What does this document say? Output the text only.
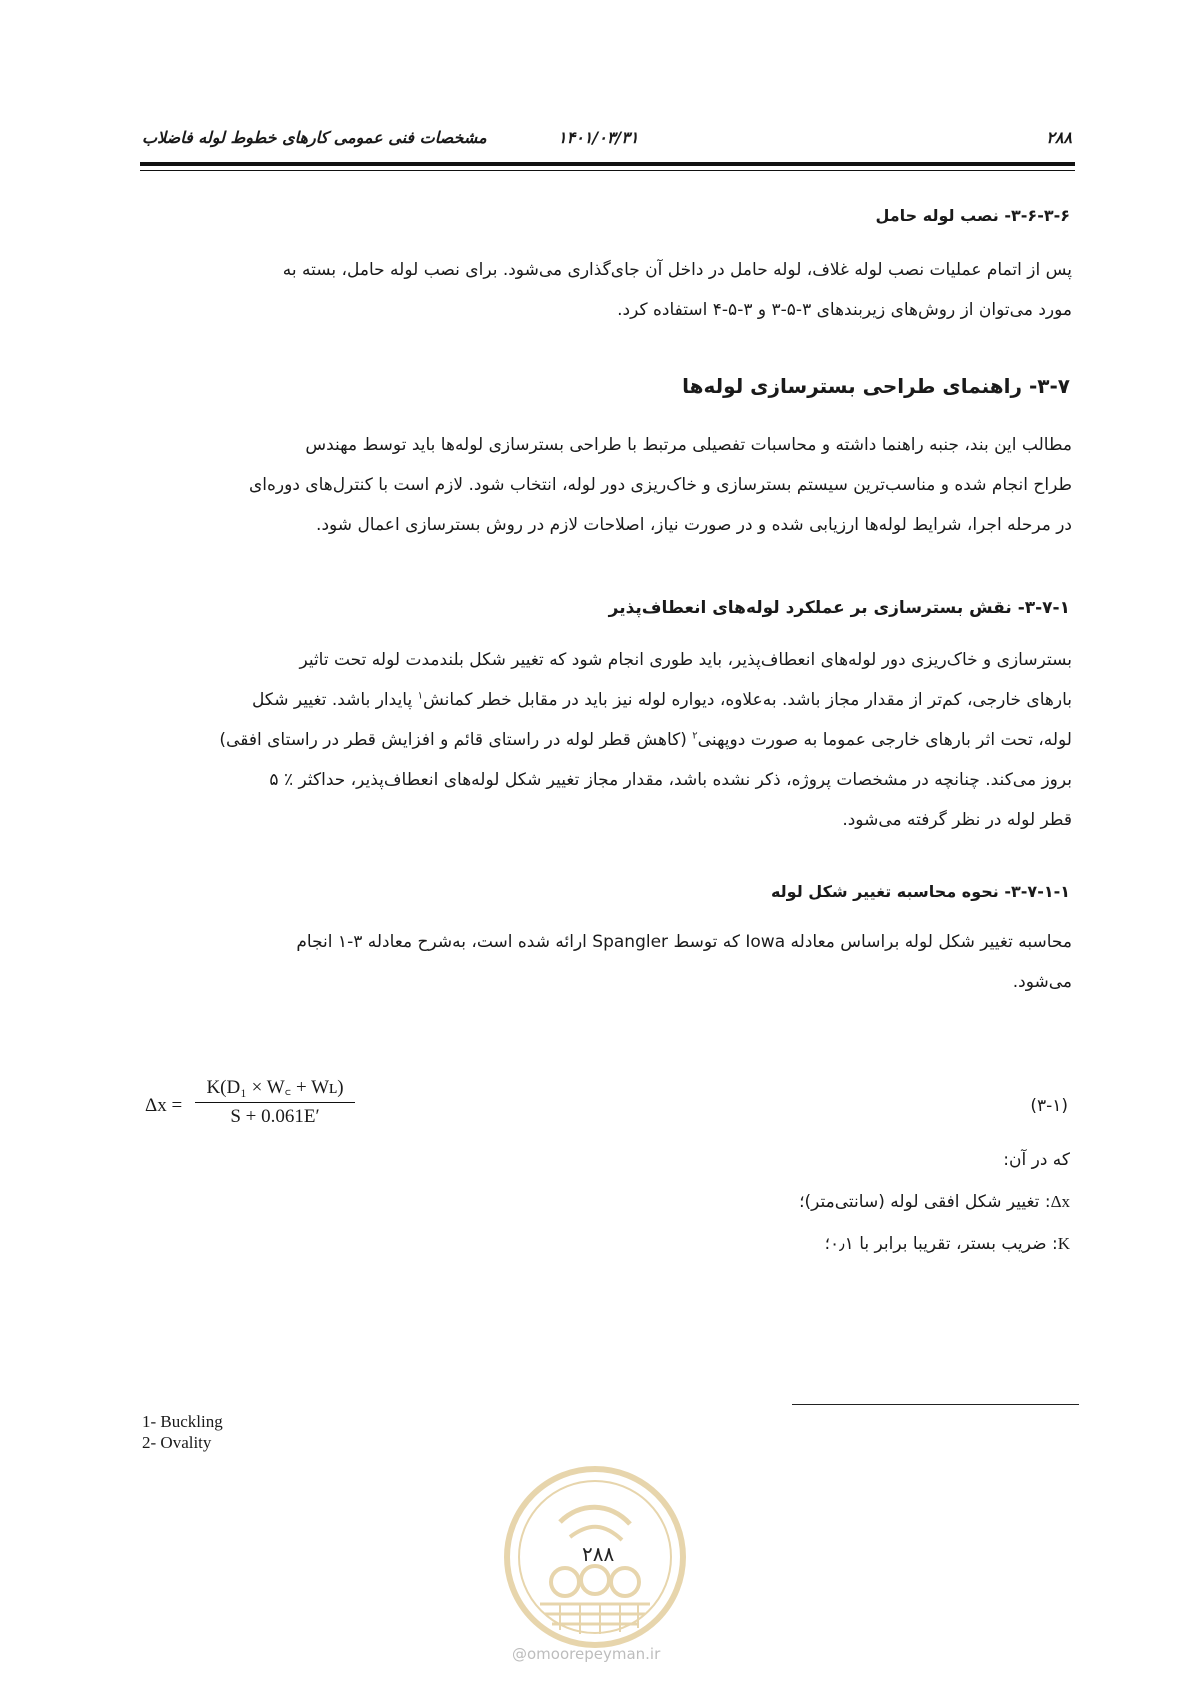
مشخصات فنی عمومی کارهای خطوط لوله فاضلاب	۱۴۰۱/۰۳/۳۱	۲۸۸
۳-۶-۳-۶- نصب لوله حامل
پس از اتمام عملیات نصب لوله غلاف، لوله حامل در داخل آن جای‌گذاری می‌شود. برای نصب لوله حامل، بسته به
مورد می‌توان از روش‌های زیربندهای ۳-۵-۳ و ۳-۵-۴ استفاده کرد.
۳-۷- راهنمای طراحی بسترسازی لوله‌ها
مطالب این بند، جنبه راهنما داشته و محاسبات تفصیلی مرتبط با طراحی بسترسازی لوله‌ها باید توسط مهندس
طراح انجام شده و مناسب‌ترین سیستم بسترسازی و خاک‌ریزی دور لوله، انتخاب شود. لازم است با کنترل‌های دوره‌ای
در مرحله اجرا، شرایط لوله‌ها ارزیابی شده و در صورت نیاز، اصلاحات لازم در روش بسترسازی اعمال شود.
۳-۷-۱- نقش بسترسازی بر عملکرد لوله‌های انعطاف‌پذیر
بسترسازی و خاک‌ریزی دور لوله‌های انعطاف‌پذیر، باید طوری انجام شود که تغییر شکل بلندمدت لوله تحت تاثیر
بارهای خارجی، کم‌تر از مقدار مجاز باشد. به‌علاوه، دیواره لوله نیز باید در مقابل خطر کمانش$^۱$ پایدار باشد. تغییر شکل
لوله، تحت اثر بارهای خارجی عموما به صورت دوپهنی$^۲$ (کاهش قطر لوله در راستای قائم و افزایش قطر در راستای افقی)
بروز می‌کند. چنانچه در مشخصات پروژه، ذکر نشده باشد، مقدار مجاز تغییر شکل لوله‌های انعطاف‌پذیر، حداکثر ٪ ۵
قطر لوله در نظر گرفته می‌شود.
۳-۷-۱-۱- نحوه محاسبه تغییر شکل لوله
محاسبه تغییر شکل لوله براساس معادله Iowa که توسط Spangler ارائه شده است، به‌شرح معادله ۳-۱ انجام
می‌شود.
$\Delta x = \frac{\text{K(D₁ × W꜀ + Wʟ)}}{S + 0.061E'}$	(۳-۱)
که در آن:
Δx: تغییر شکل افقی لوله (سانتی‌متر)؛
K: ضریب بستر، تقریبا برابر با ۰٫۱؛
1- Buckling
2- Ovality
۲۸۸
@omoorepeyman.ir
